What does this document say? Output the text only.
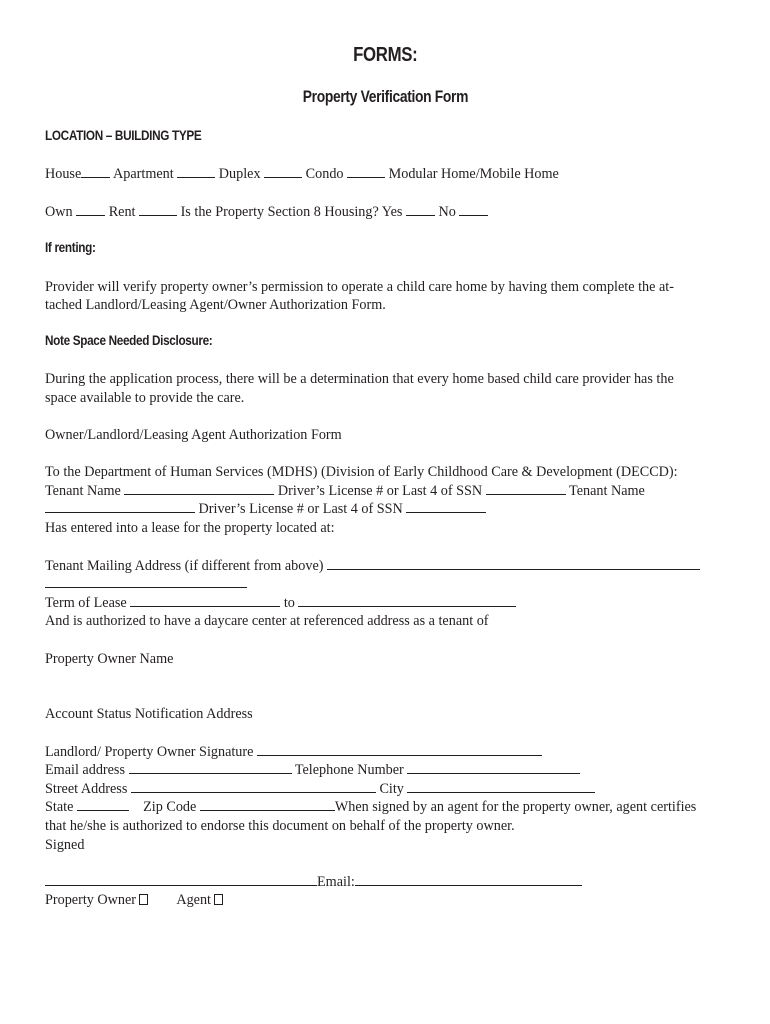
FORMS:
Property Verification Form
LOCATION – BUILDING TYPE
House Apartment	Duplex	Condo	Modular Home/Mobile Home
Own	Rent	Is the Property Section 8 Housing? Yes	No
If renting:
Provider will verify property owner’s permission to operate a child care home by having them complete the at-
tached Landlord/Leasing Agent/Owner Authorization Form.
Note Space Needed Disclosure:
During the application process, there will be a determination that every home based child care provider has the
space available to provide the care.
Owner/Landlord/Leasing Agent Authorization Form
To the Department of Human Services (MDHS) (Division of Early Childhood Care & Development (DECCD):
Tenant Name	Driver’s License # or Last 4 of SSN	Tenant Name
Driver’s License # or Last 4 of SSN
Has entered into a lease for the property located at:
Tenant Mailing Address (if different from above)
Term of Lease	to
And is authorized to have a daycare center at referenced address as a tenant of
Property Owner Name
Account Status Notification Address
Landlord/ Property Owner Signature
Email address	Telephone Number
Street Address	City
State	Zip Code	When signed by an agent for the property owner, agent certifies
that he/she is authorized to endorse this document on behalf of the property owner.
Signed
Email:
Property Owner	Agent
